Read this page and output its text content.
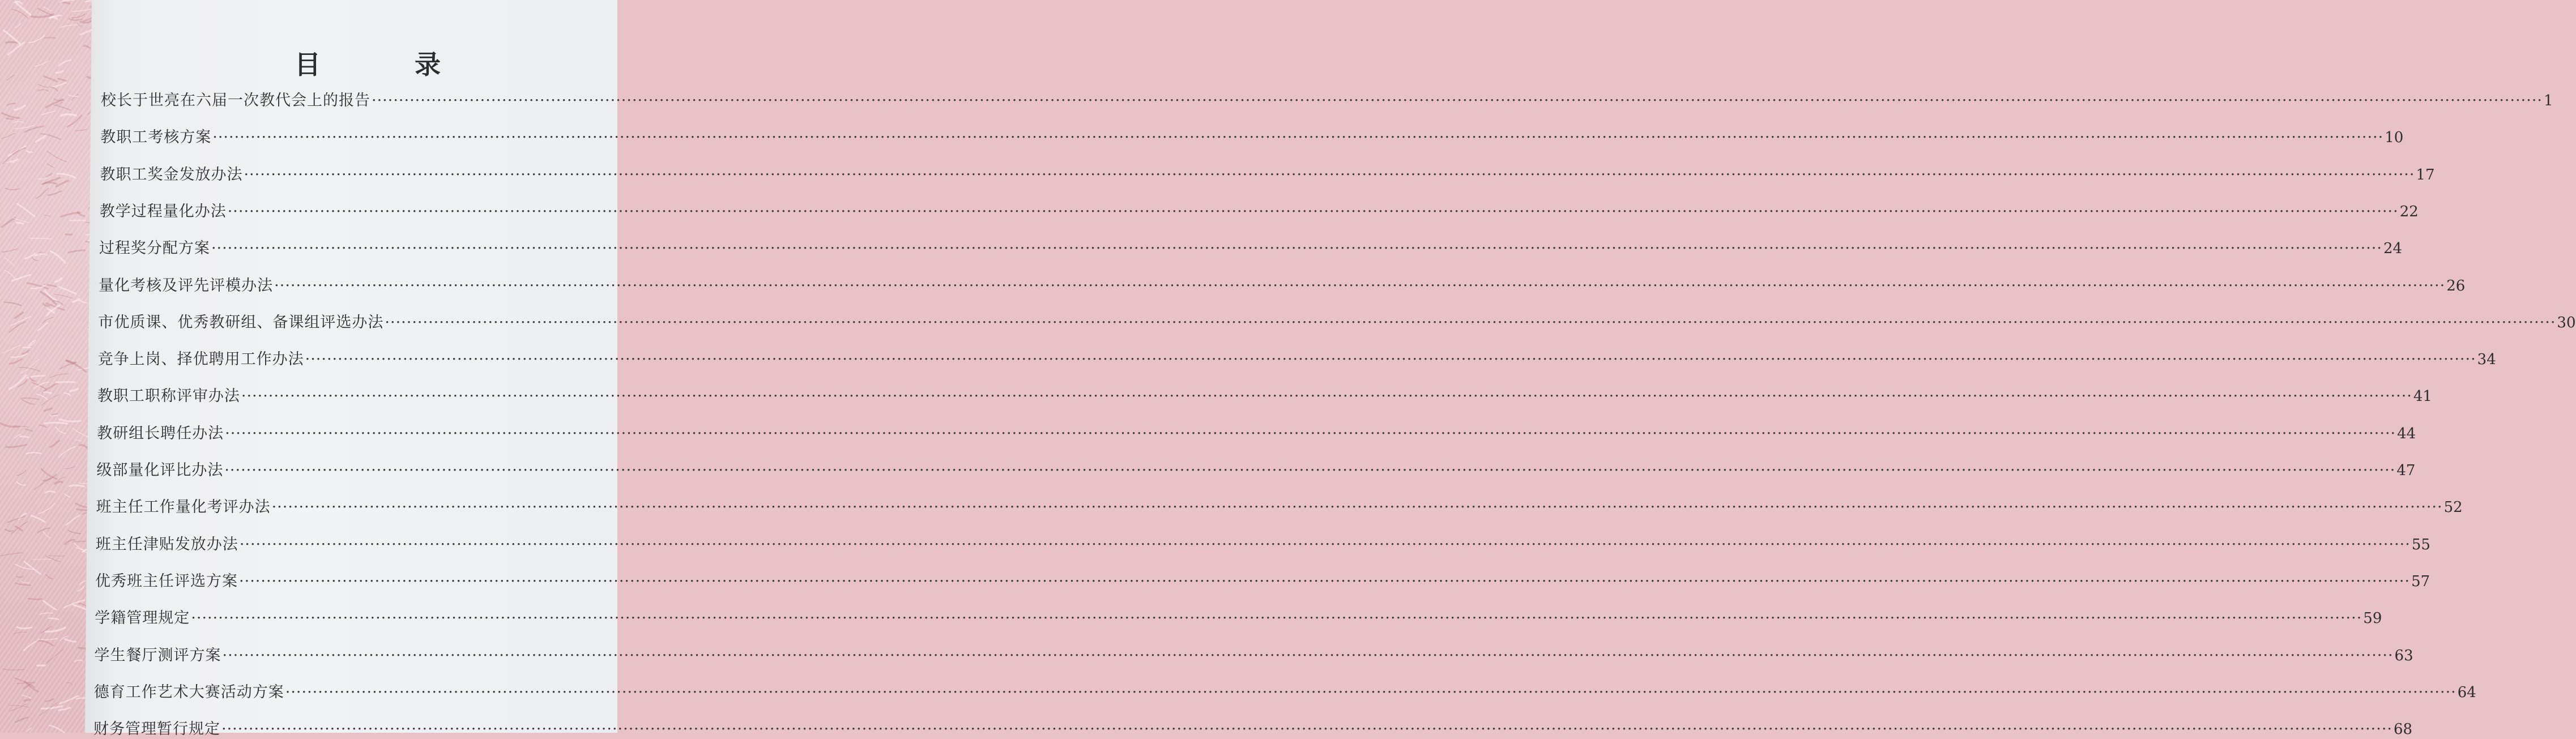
目　录
校长于世亮在六届一次教代会上的报告 ················································································································································································································································································································································································································ 1
教职工考核方案 ················································································································································································································································································································································································································ 10
教职工奖金发放办法 ················································································································································································································································································································································································································ 17
教学过程量化办法 ················································································································································································································································································································································································································ 22
过程奖分配方案 ················································································································································································································································································································································································································ 24
量化考核及评先评模办法 ················································································································································································································································································································································································································ 26
市优质课、优秀教研组、备课组评选办法 ················································································································································································································································································································································································································ 30
竞争上岗、择优聘用工作办法 ················································································································································································································································································································································································································ 34
教职工职称评审办法 ················································································································································································································································································································································································································ 41
教研组长聘任办法 ················································································································································································································································································································································································································ 44
级部量化评比办法 ················································································································································································································································································································································································································ 47
班主任工作量化考评办法 ················································································································································································································································································································································································································ 52
班主任津贴发放办法 ················································································································································································································································································································································································································ 55
优秀班主任评选方案 ················································································································································································································································································································································································································ 57
学籍管理规定 ················································································································································································································································································································································································································ 59
学生餐厅测评方案 ················································································································································································································································································································································································································ 63
德育工作艺术大赛活动方案 ················································································································································································································································································································································································································ 64
财务管理暂行规定 ················································································································································································································································································································································································································ 68
